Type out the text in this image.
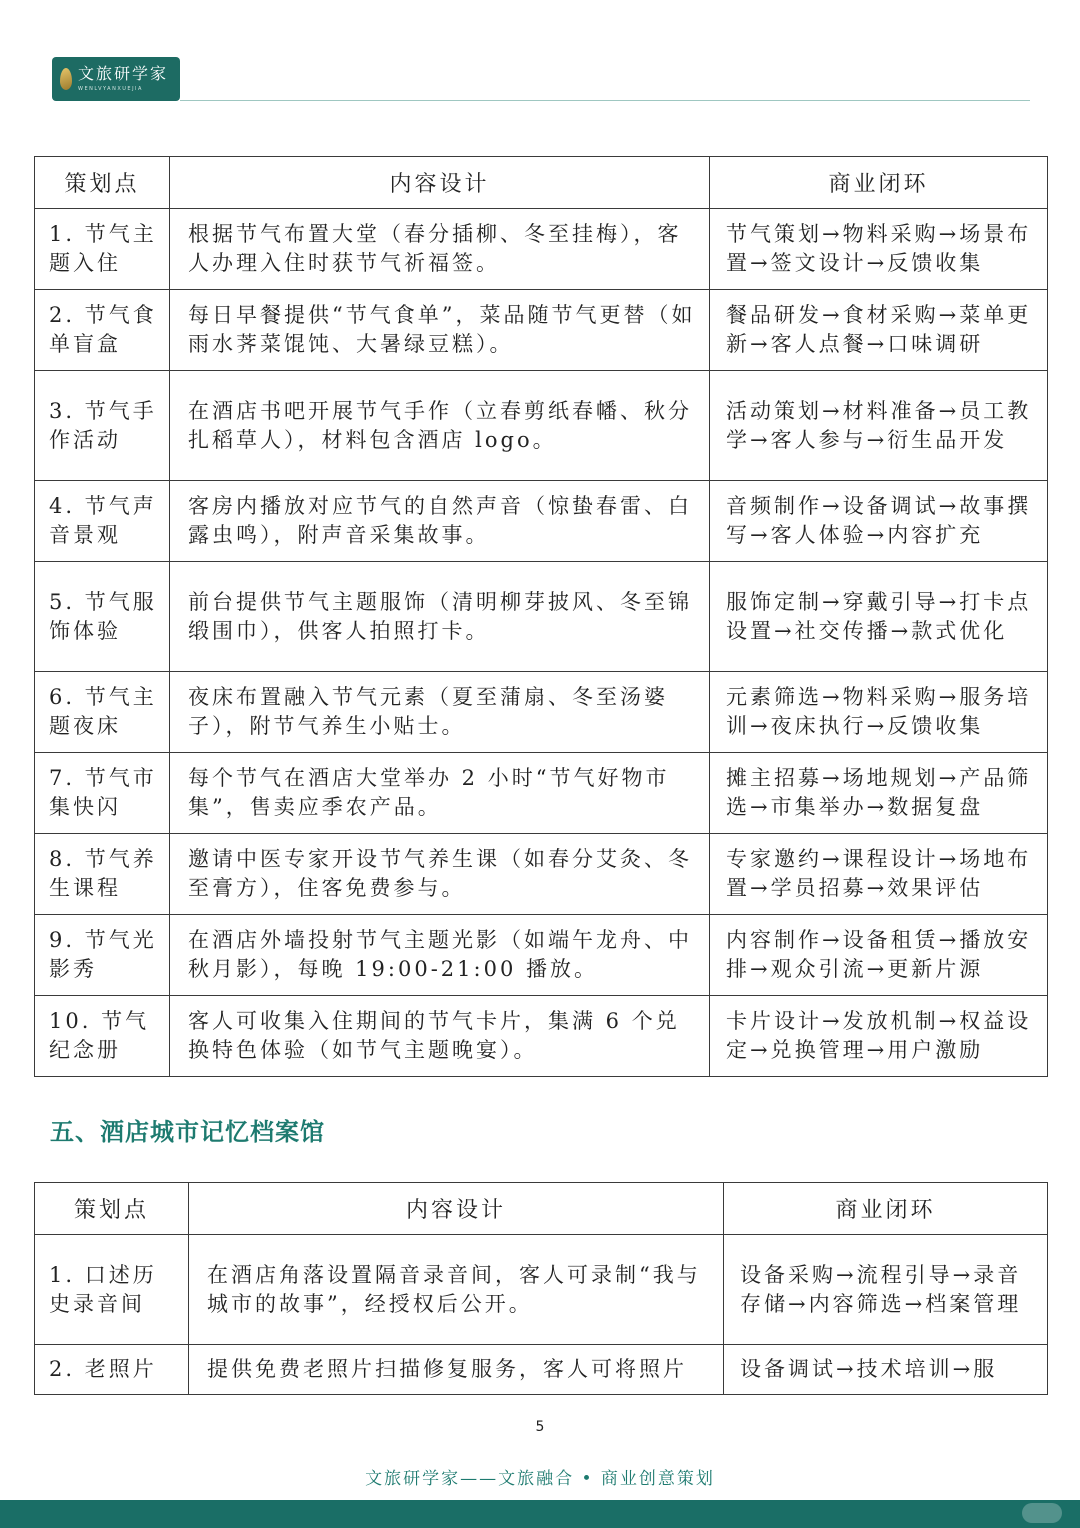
文旅研学家
WENLVYANXUEJIA
策划点	内容设计	商业闭环
1. 节气主题入住	根据节气布置大堂（春分插柳、冬至挂梅），客人办理入住时获节气祈福签。	节气策划→物料采购→场景布置→签文设计→反馈收集
2. 节气食单盲盒	每日早餐提供“节气食单”，菜品随节气更替（如雨水荠菜馄饨、大暑绿豆糕）。	餐品研发→食材采购→菜单更新→客人点餐→口味调研
3. 节气手作活动	在酒店书吧开展节气手作（立春剪纸春幡、秋分扎稻草人），材料包含酒店 logo。	活动策划→材料准备→员工教学→客人参与→衍生品开发
4. 节气声音景观	客房内播放对应节气的自然声音（惊蛰春雷、白露虫鸣），附声音采集故事。	音频制作→设备调试→故事撰写→客人体验→内容扩充
5. 节气服饰体验	前台提供节气主题服饰（清明柳芽披风、冬至锦缎围巾），供客人拍照打卡。	服饰定制→穿戴引导→打卡点设置→社交传播→款式优化
6. 节气主题夜床	夜床布置融入节气元素（夏至蒲扇、冬至汤婆子），附节气养生小贴士。	元素筛选→物料采购→服务培训→夜床执行→反馈收集
7. 节气市集快闪	每个节气在酒店大堂举办 2 小时“节气好物市集”，售卖应季农产品。	摊主招募→场地规划→产品筛选→市集举办→数据复盘
8. 节气养生课程	邀请中医专家开设节气养生课（如春分艾灸、冬至膏方），住客免费参与。	专家邀约→课程设计→场地布置→学员招募→效果评估
9. 节气光影秀	在酒店外墙投射节气主题光影（如端午龙舟、中秋月影），每晚 19:00-21:00 播放。	内容制作→设备租赁→播放安排→观众引流→更新片源
10. 节气纪念册	客人可收集入住期间的节气卡片，集满 6 个兑换特色体验（如节气主题晚宴）。	卡片设计→发放机制→权益设定→兑换管理→用户激励
五、酒店城市记忆档案馆
策划点	内容设计	商业闭环
1. 口述历史录音间	在酒店角落设置隔音录音间，客人可录制“我与城市的故事”，经授权后公开。	设备采购→流程引导→录音存储→内容筛选→档案管理
2. 老照片	提供免费老照片扫描修复服务，客人可将照片	设备调试→技术培训→服
5
文旅研学家——文旅融合 • 商业创意策划
